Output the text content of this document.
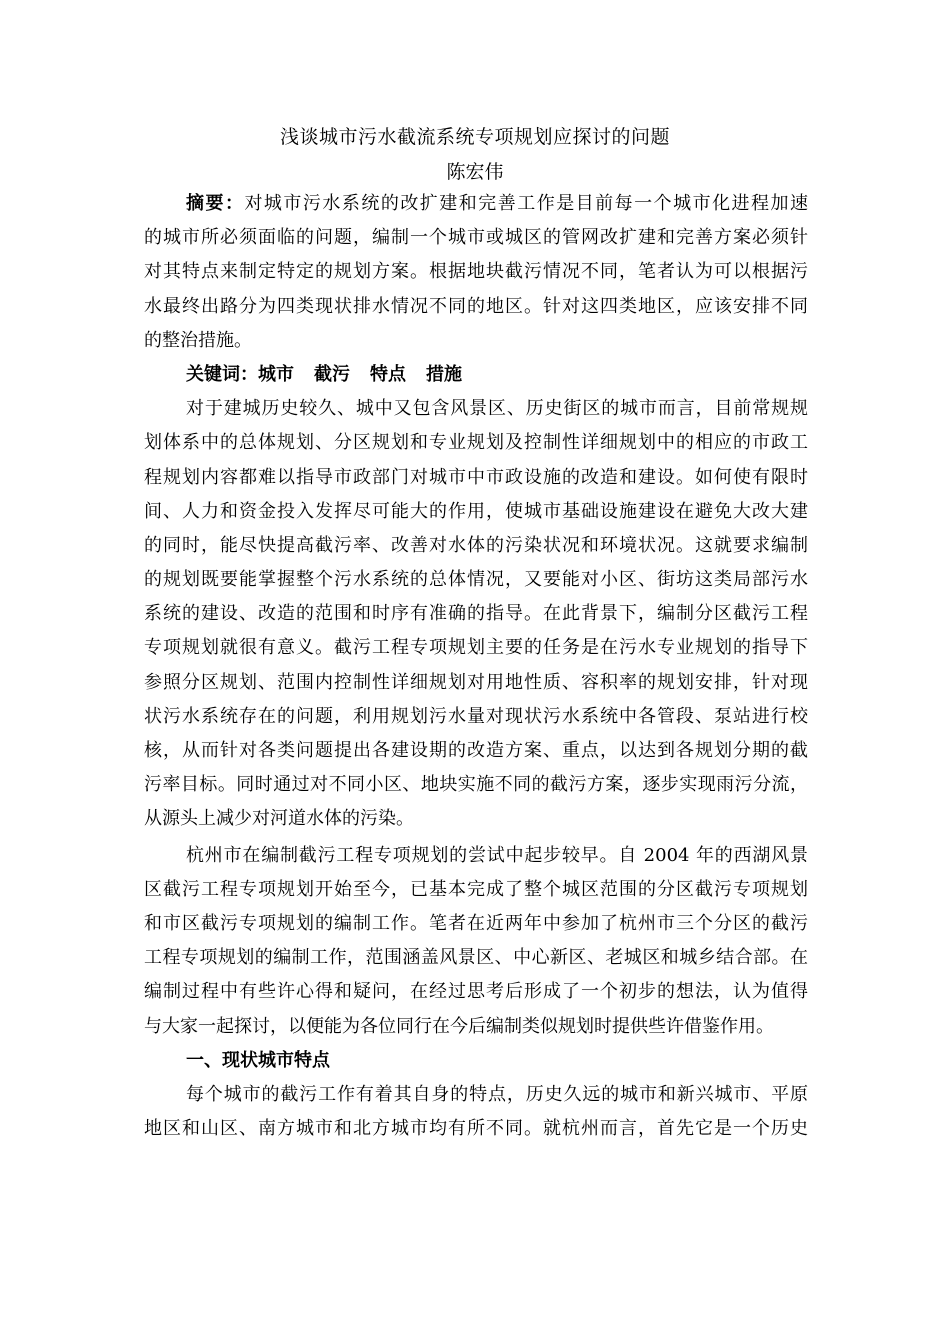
浅谈城市污水截流系统专项规划应探讨的问题
陈宏伟
摘要：对城市污水系统的改扩建和完善工作是目前每一个城市化进程加速
的城市所必须面临的问题，编制一个城市或城区的管网改扩建和完善方案必须针
对其特点来制定特定的规划方案。根据地块截污情况不同，笔者认为可以根据污
水最终出路分为四类现状排水情况不同的地区。针对这四类地区，应该安排不同
的整治措施。
关键词：城市 截污 特点 措施
对于建城历史较久、城中又包含风景区、历史街区的城市而言，目前常规规
划体系中的总体规划、分区规划和专业规划及控制性详细规划中的相应的市政工
程规划内容都难以指导市政部门对城市中市政设施的改造和建设。如何使有限时
间、人力和资金投入发挥尽可能大的作用，使城市基础设施建设在避免大改大建
的同时，能尽快提高截污率、改善对水体的污染状况和环境状况。这就要求编制
的规划既要能掌握整个污水系统的总体情况，又要能对小区、街坊这类局部污水
系统的建设、改造的范围和时序有准确的指导。在此背景下，编制分区截污工程
专项规划就很有意义。截污工程专项规划主要的任务是在污水专业规划的指导下
参照分区规划、范围内控制性详细规划对用地性质、容积率的规划安排，针对现
状污水系统存在的问题，利用规划污水量对现状污水系统中各管段、泵站进行校
核，从而针对各类问题提出各建设期的改造方案、重点，以达到各规划分期的截
污率目标。同时通过对不同小区、地块实施不同的截污方案，逐步实现雨污分流，
从源头上减少对河道水体的污染。
杭州市在编制截污工程专项规划的尝试中起步较早。自 2004 年的西湖风景
区截污工程专项规划开始至今，已基本完成了整个城区范围的分区截污专项规划
和市区截污专项规划的编制工作。笔者在近两年中参加了杭州市三个分区的截污
工程专项规划的编制工作，范围涵盖风景区、中心新区、老城区和城乡结合部。在
编制过程中有些许心得和疑问，在经过思考后形成了一个初步的想法，认为值得
与大家一起探讨，以便能为各位同行在今后编制类似规划时提供些许借鉴作用。
一、现状城市特点
每个城市的截污工作有着其自身的特点，历史久远的城市和新兴城市、平原
地区和山区、南方城市和北方城市均有所不同。就杭州而言，首先它是一个历史
